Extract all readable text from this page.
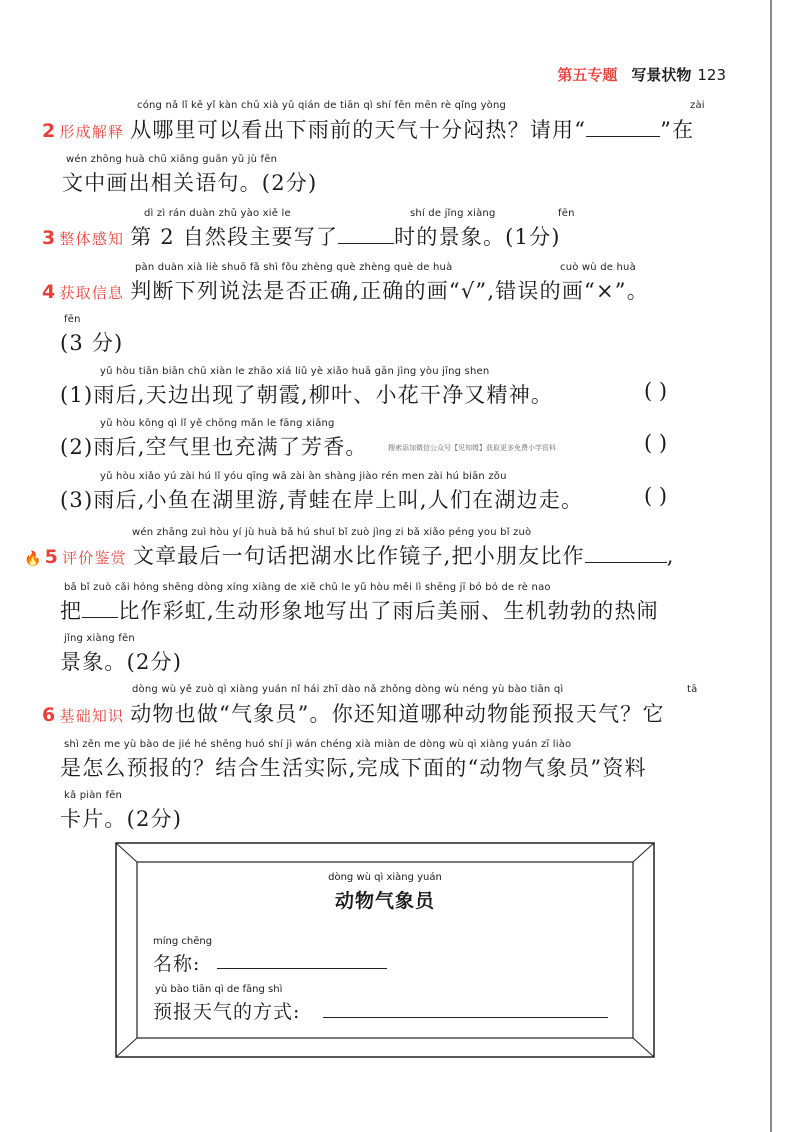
第五专题 写景状物 123
cóng nǎ lǐ kě yǐ kàn chū xià yǔ qián de tiān qì shí fēn mēn rè qǐng yòng	zài
2 形成解释 从哪里可以看出下雨前的天气十分闷热？请用“	”在
wén zhōng huà chū xiāng guān yǔ jù fēn
文中画出相关语句。(2分)
dì zì rán duàn zhǔ yào xiě le	shí de jǐng xiàng	fēn
3 整体感知 第 2 自然段主要写了	时的景象。(1分)
pàn duàn xià liè shuō fǎ shì fǒu zhèng què zhèng què de huà	cuò wù de huà
4 获取信息 判断下列说法是否正确,正确的画“√”,错误的画“×”。
fēn
(3 分)
yǔ hòu tiān biān chū xiàn le zhāo xiá liǔ yè xiǎo huā gān jìng yòu jīng shen
(1)雨后,天边出现了朝霞,柳叶、小花干净又精神。	( )
yǔ hòu kōng qì lǐ yě chōng mǎn le fāng xiāng
(2)雨后,空气里也充满了芳香。	搜索添加微信公众号【见知姆】获取更多免费小学资料	( )
yǔ hòu xiǎo yú zài hú lǐ yóu qīng wā zài àn shàng jiào rén men zài hú biān zǒu
(3)雨后,小鱼在湖里游,青蛙在岸上叫,人们在湖边走。	( )
wén zhāng zuì hòu yí jù huà bǎ hú shuǐ bǐ zuò jìng zi bǎ xiǎo péng you bǐ zuò
🔥 5 评价鉴赏 文章最后一句话把湖水比作镜子,把小朋友比作	,
bǎ bǐ zuò cǎi hóng shēng dòng xíng xiàng de xiě chū le yǔ hòu měi lì shēng jī bó bó de rè nao
把 比作彩虹,生动形象地写出了雨后美丽、生机勃勃的热闹
jǐng xiàng fēn
景象。(2分)
dòng wù yě zuò qì xiàng yuán nǐ hái zhī dào nǎ zhǒng dòng wù néng yù bào tiān qì	tā
6 基础知识 动物也做“气象员”。你还知道哪种动物能预报天气？它
shì zěn me yù bào de jié hé shēng huó shí jì wán chéng xià miàn de dòng wù qì xiàng yuán zī liào
是怎么预报的？结合生活实际,完成下面的“动物气象员”资料
kǎ piàn fēn
卡片。(2分)
dòng wù qì xiàng yuán
动物气象员
míng chēng
名称:
yù bào tiān qì de fāng shì
预报天气的方式:
